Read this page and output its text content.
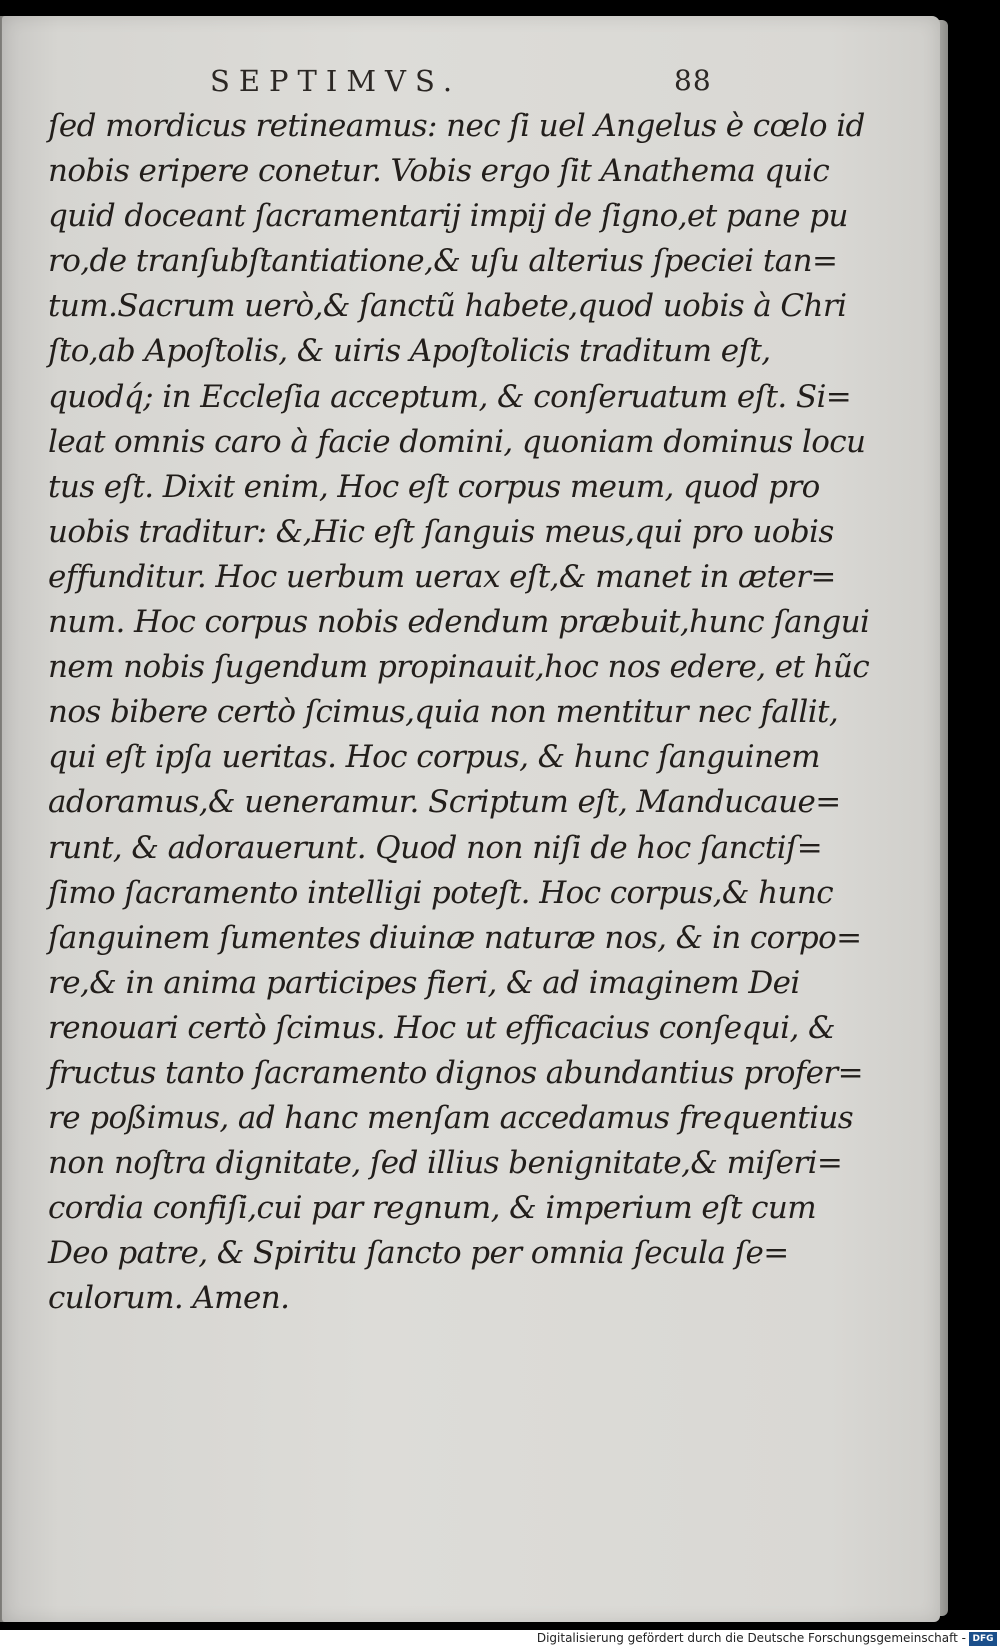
SEPTIMVS.	88
ſed mordicus retineamus: nec ſi uel Angelus è cœlo id
nobis eripere conetur. Vobis ergo ſit Anathema quic
quid doceant ſacramentarij impij de ſigno,et pane pu
ro,de tranſubſtantiatione,& uſu alterius ſpeciei tan=
tum.Sacrum uerò,& ſanctũ habete,quod uobis à Chri
ſto,ab Apoſtolis, & uiris Apoſtolicis traditum eſt,
quodq́; in Eccleſia acceptum, & conſeruatum eſt. Si=
leat omnis caro à facie domini, quoniam dominus locu
tus eſt. Dixit enim, Hoc eſt corpus meum, quod pro
uobis traditur: &,Hic eſt ſanguis meus,qui pro uobis
effunditur. Hoc uerbum uerax eſt,& manet in æter=
num. Hoc corpus nobis edendum præbuit,hunc ſangui
nem nobis ſugendum propinauit,hoc nos edere, et hũc
nos bibere certò ſcimus,quia non mentitur nec fallit,
qui eſt ipſa ueritas. Hoc corpus, & hunc ſanguinem
adoramus,& ueneramur. Scriptum eſt, Manducaue=
runt, & adorauerunt. Quod non niſi de hoc ſanctiſ=
ſimo ſacramento intelligi poteſt. Hoc corpus,& hunc
ſanguinem ſumentes diuinæ naturæ nos, & in corpo=
re,& in anima participes fieri, & ad imaginem Dei
renouari certò ſcimus. Hoc ut efficacius conſequi, &
fructus tanto ſacramento dignos abundantius profer=
re poßimus, ad hanc menſam accedamus frequentius
non noſtra dignitate, ſed illius benignitate,& miſeri=
cordia confiſi,cui par regnum, & imperium eſt cum
Deo patre, & Spiritu ſancto per omnia ſecula ſe=
culorum. Amen.
Digitalisierung gefördert durch die Deutsche Forschungsgemeinschaft - DFG
